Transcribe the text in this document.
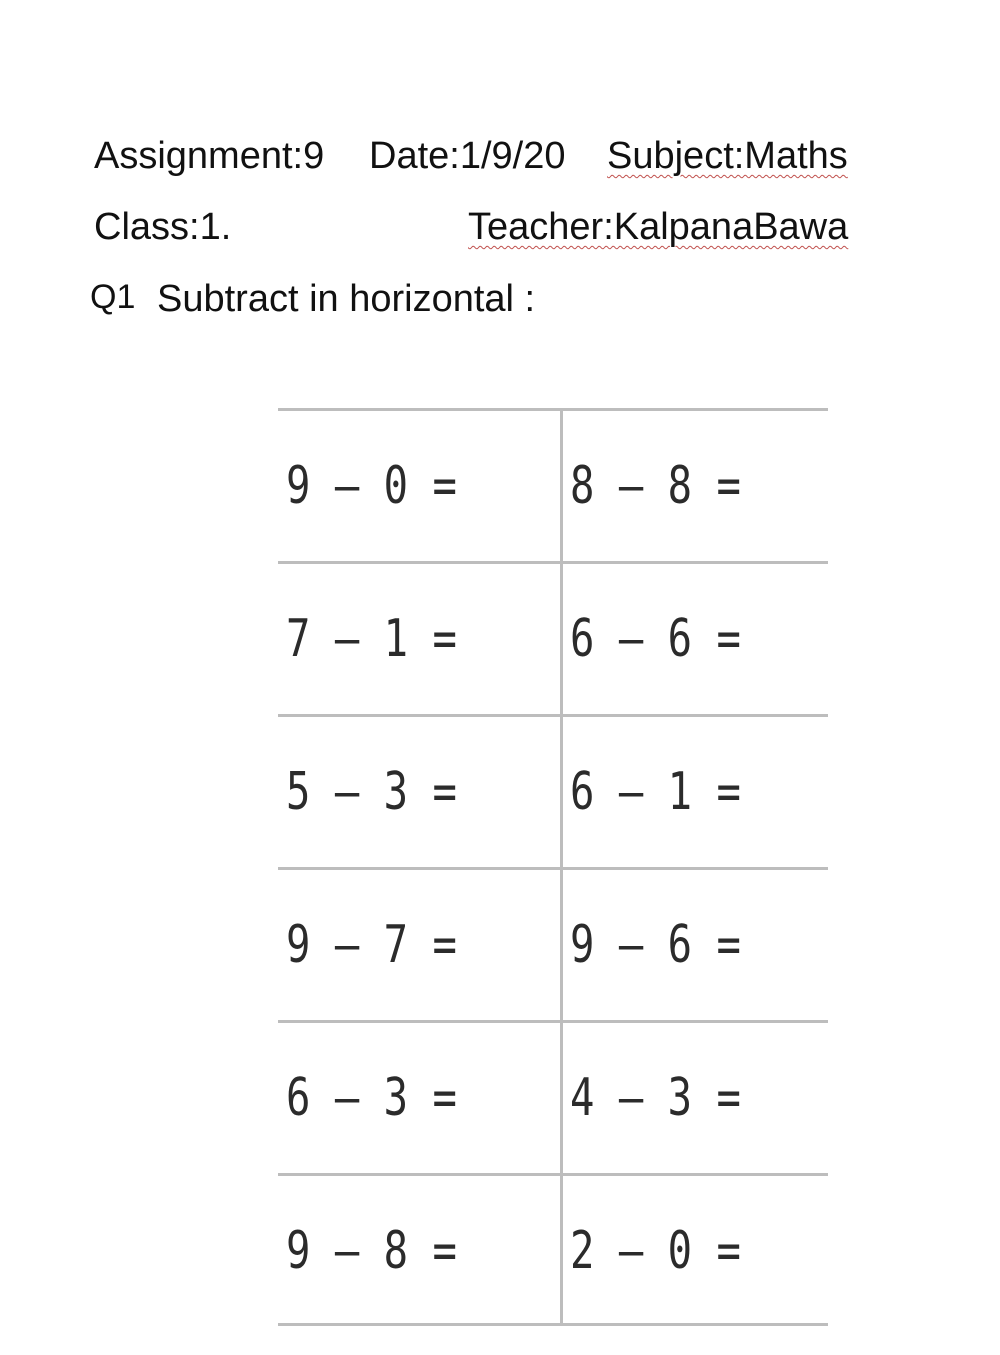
Assignment:9 Date:1/9/20 Subject:Maths
Class:1.	Teacher:KalpanaBawa
Q1 Subtract in horizontal :
9 – 0 = 8 – 8 =
7 – 1 = 6 – 6 =
5 – 3 = 6 – 1 =
9 – 7 = 9 – 6 =
6 – 3 = 4 – 3 =
9 – 8 = 2 – 0 =
